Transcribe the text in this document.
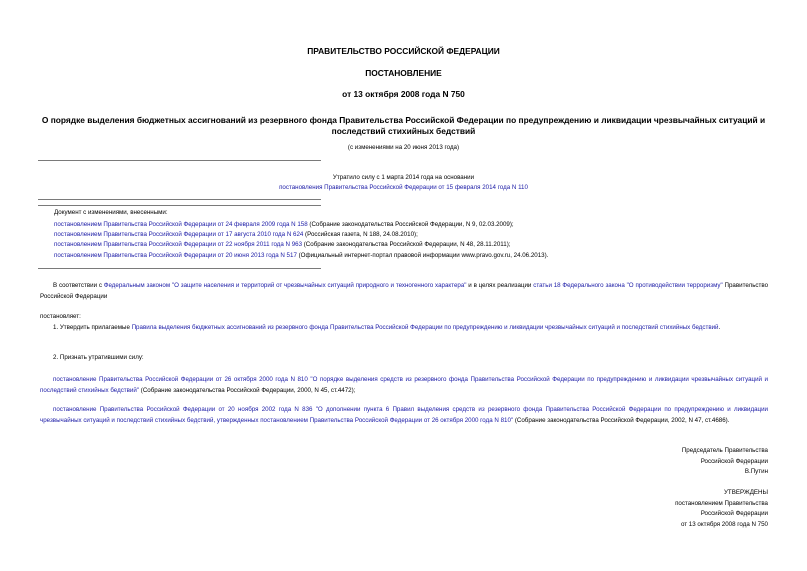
ПРАВИТЕЛЬСТВО РОССИЙСКОЙ ФЕДЕРАЦИИ
ПОСТАНОВЛЕНИЕ
от 13 октября 2008 года N 750
О порядке выделения бюджетных ассигнований из резервного фонда Правительства Российской Федерации по предупреждению и ликвидации чрезвычайных ситуаций и последствий стихийных бедствий
(с изменениями на 20 июня 2013 года)
Утратило силу с 1 марта 2014 года на основании
постановления Правительства Российской Федерации от 15 февраля 2014 года N 110
Документ с изменениями, внесенными:
постановлением Правительства Российской Федерации от 24 февраля 2009 года N 158 (Собрание законодательства Российской Федерации, N 9, 02.03.2009);
постановлением Правительства Российской Федерации от 17 августа 2010 года N 624 (Российская газета, N 188, 24.08.2010);
постановлением Правительства Российской Федерации от 22 ноября 2011 года N 963 (Собрание законодательства Российской Федерации, N 48, 28.11.2011);
постановлением Правительства Российской Федерации от 20 июня 2013 года N 517 (Официальный интернет-портал правовой информации www.pravo.gov.ru, 24.06.2013).
В соответствии с Федеральным законом "О защите населения и территорий от чрезвычайных ситуаций природного и техногенного характера" и в целях реализации статьи 18 Федерального закона "О противодействии терроризму" Правительство Российской Федерации
постановляет:
1. Утвердить прилагаемые Правила выделения бюджетных ассигнований из резервного фонда Правительства Российской Федерации по предупреждению и ликвидации чрезвычайных ситуаций и последствий стихийных бедствий.
2. Признать утратившими силу:
постановление Правительства Российской Федерации от 26 октября 2000 года N 810 "О порядке выделения средств из резервного фонда Правительства Российской Федерации по предупреждению и ликвидации чрезвычайных ситуаций и последствий стихийных бедствий" (Собрание законодательства Российской Федерации, 2000, N 45, ст.4472);
постановление Правительства Российской Федерации от 20 ноября 2002 года N 836 "О дополнении пункта 6 Правил выделения средств из резервного фонда Правительства Российской Федерации по предупреждению и ликвидации чрезвычайных ситуаций и последствий стихийных бедствий, утвержденных постановлением Правительства Российской Федерации от 26 октября 2000 года N 810" (Собрание законодательства Российской Федерации, 2002, N 47, ст.4686).
Председатель Правительства
Российской Федерации
В.Путин
УТВЕРЖДЕНЫ
постановлением Правительства
Российской Федерации
от 13 октября 2008 года N 750
